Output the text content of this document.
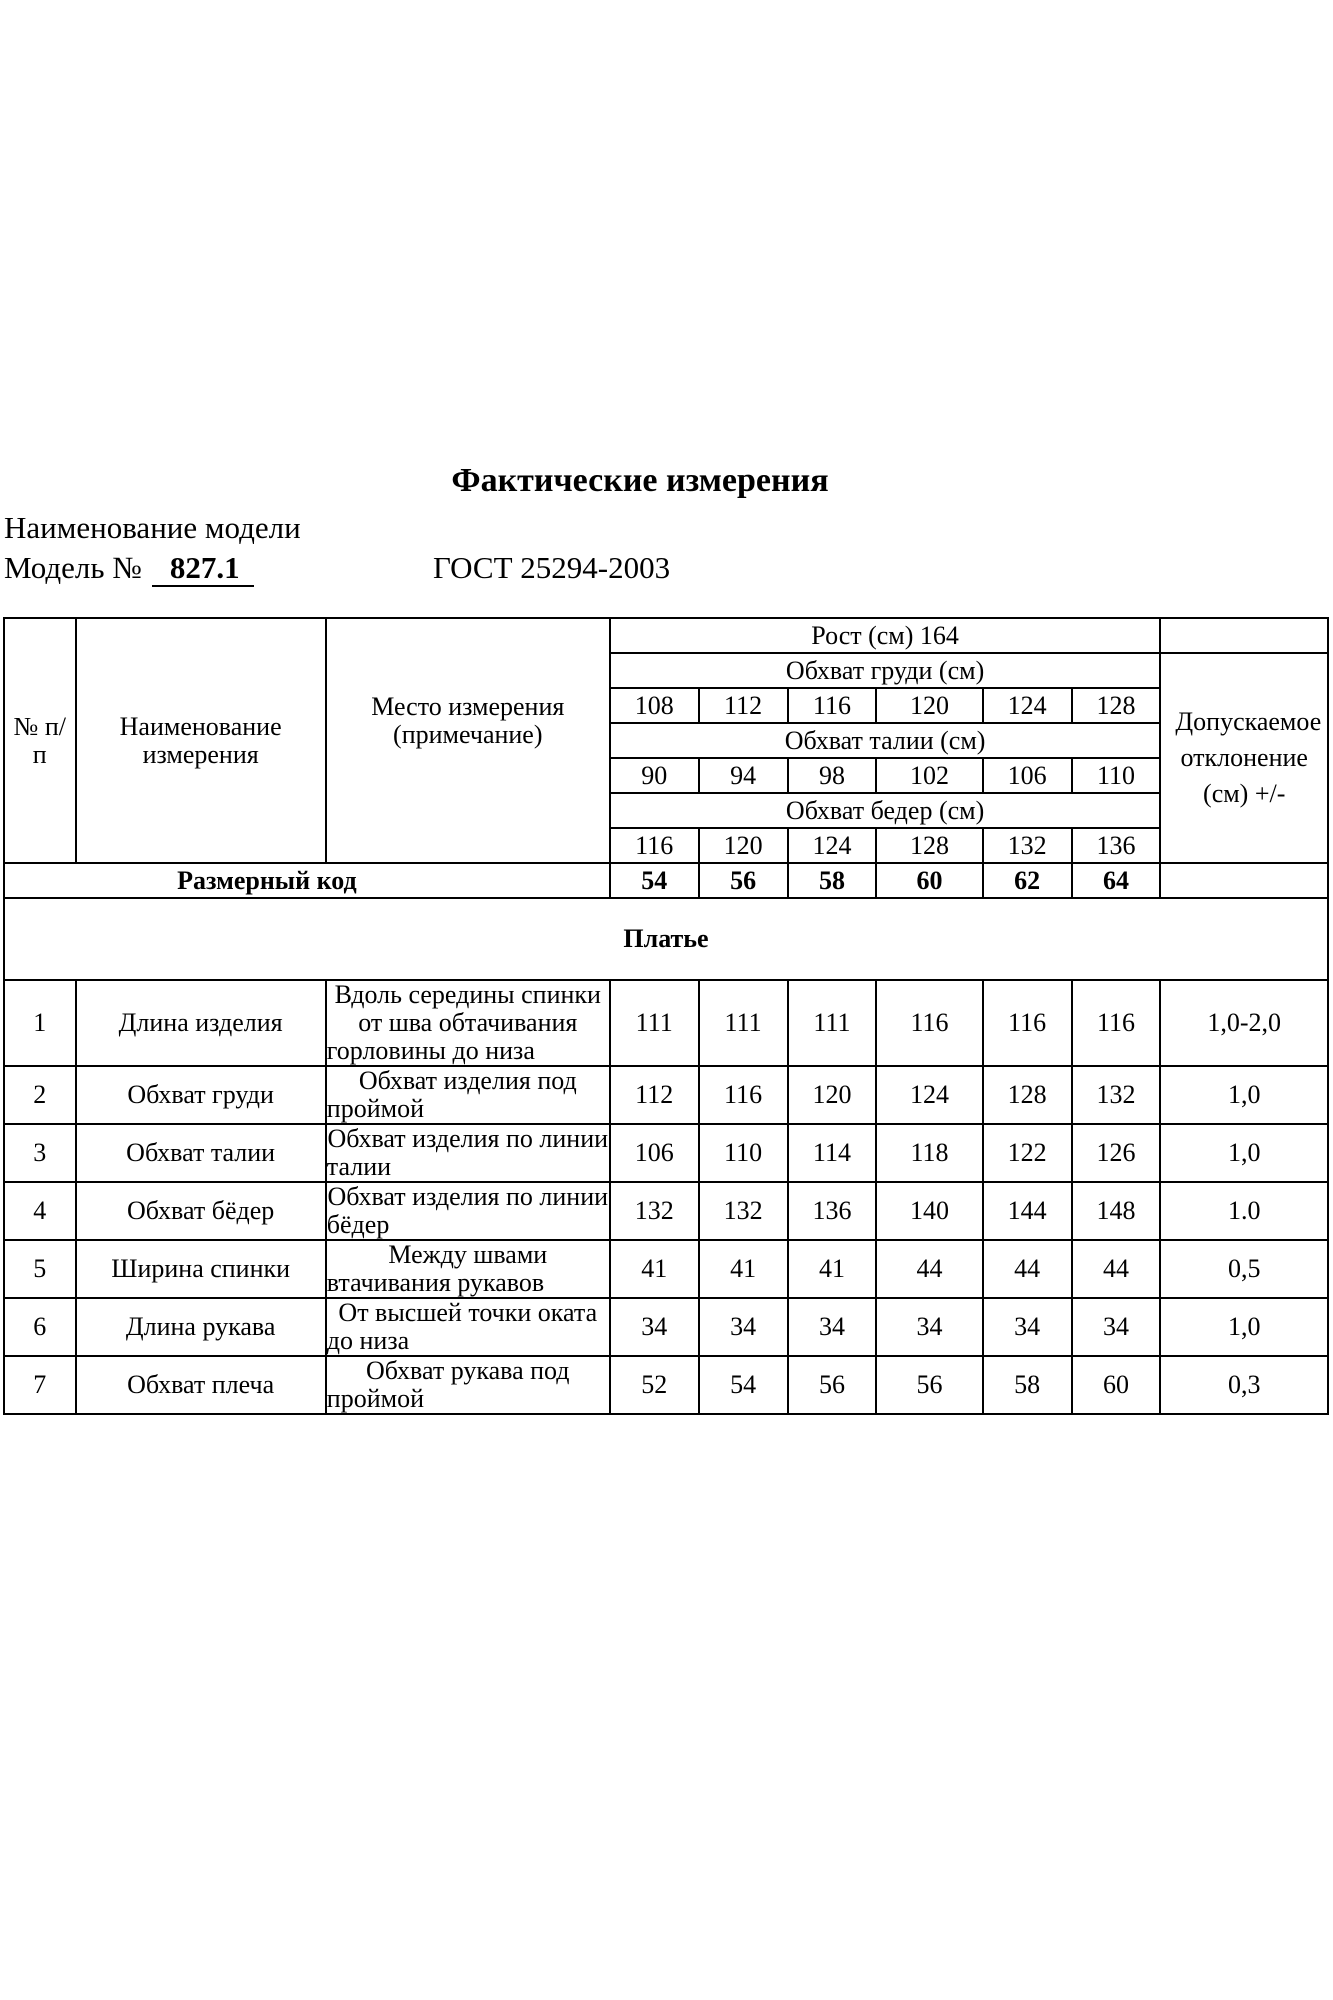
Фактические измерения
Наименование модели
Модель № 827.1	ГОСТ 25294-2003
№ п/п	Наименование измерения	Место измерения (примечание)	Рост (см) 164						
			Обхват груди (см)						Допускаемое отклонение (см) +/-
			108	112	116	120	124	128	
			Обхват талии (см)						
			90	94	98	102	106	110	
			Обхват бедер (см)						
			116	120	124	128	132	136	
Размерный код			54	56	58	60	62	64	
Платье									
1	Длина изделия	Вдоль середины спинки от шва обтачивания горловины до низа	111	111	111	116	116	116	1,0-2,0
2	Обхват груди	Обхват изделия под проймой	112	116	120	124	128	132	1,0
3	Обхват талии	Обхват изделия по линии талии	106	110	114	118	122	126	1,0
4	Обхват бёдер	Обхват изделия по линии бёдер	132	132	136	140	144	148	1.0
5	Ширина спинки	Между швами втачивания рукавов	41	41	41	44	44	44	0,5
6	Длина рукава	От высшей точки оката до низа	34	34	34	34	34	34	1,0
7	Обхват плеча	Обхват рукава под проймой	52	54	56	56	58	60	0,3
